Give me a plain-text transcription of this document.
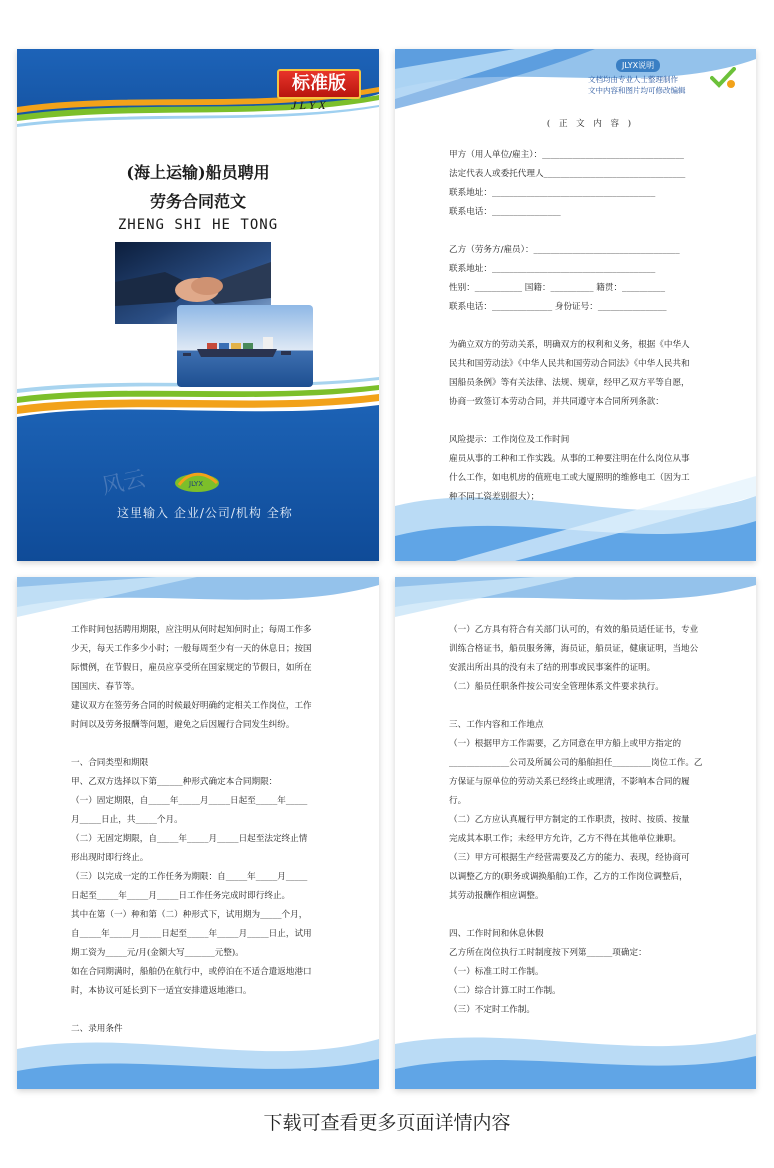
标准版
JLYX
(海上运输)船员聘用
劳务合同范文
ZHENG SHI HE TONG
风云	JLYX
这里输入 企业/公司/机构 全称
JLYX说明
文档均由专业人士整理制作
文中内容和图片均可修改编辑

( 正 文 内 容 )

甲方（用人单位/雇主）：_________________________________

法定代表人或委托代理人_________________________________

联系地址：______________________________________

联系电话：________________

乙方（劳务方/雇员）：__________________________________

联系地址：______________________________________

性别：___________ 国籍：__________ 籍贯：__________

联系电话：______________ 身份证号：________________

为确立双方的劳动关系，明确双方的权利和义务，根据《中华人

民共和国劳动法》《中华人民共和国劳动合同法》《中华人民共和

国船员条例》等有关法律、法规、规章，经甲乙双方平等自愿，

协商一致签订本劳动合同，并共同遵守本合同所列条款：

风险提示：工作岗位及工作时间

雇员从事的工种和工作实践。从事的工种要注明在什么岗位从事

什么工作，如电机房的值班电工或大厦照明的维修电工（因为工

种不同工资差别很大）；

工作时间包括聘用期限，应注明从何时起知何时止；每周工作多

少天，每天工作多少小时；一般每周至少有一天的休息日；按国

际惯例，在节假日，雇员应享受所在国家规定的节假日，如所在

国国庆、春节等。

建议双方在签劳务合同的时候最好明确约定相关工作岗位，工作

时间以及劳务报酬等问题，避免之后因履行合同发生纠纷。

一、合同类型和期限

甲、乙双方选择以下第______种形式确定本合同期限：

（一）固定期限，自_____年_____月_____日起至_____年_____

月_____日止，共_____个月。

（二）无固定期限，自_____年_____月_____日起至法定终止情

形出现时即行终止。

（三）以完成一定的工作任务为期限：自_____年_____月_____

日起至_____年_____月_____日工作任务完成时即行终止。

其中在第（一）种和第（二）种形式下，试用期为_____个月，

自_____年_____月_____日起至_____年_____月_____日止，试用

期工资为_____元/月(金额大写_______元整)。

如在合同期满时，船舶仍在航行中，或停泊在不适合遣返地港口

时，本协议可延长到下一适宜安排遣返地港口。

二、录用条件

（一）乙方具有符合有关部门认可的，有效的船员适任证书，专业

训练合格证书，船员服务簿，海员证，船员证，健康证明，当地公

安派出所出具的没有未了结的刑事或民事案件的证明。

（二）船员任职条件按公司安全管理体系文件要求执行。

三、工作内容和工作地点

（一）根据甲方工作需要，乙方同意在甲方船上或甲方指定的

______________公司及所属公司的船舶担任_________岗位工作。乙

方保证与原单位的劳动关系已经终止或理清，不影响本合同的履

行。

（二）乙方应认真履行甲方制定的工作职责，按时、按质、按量

完成其本职工作；未经甲方允许，乙方不得在其他单位兼职。

（三）甲方可根据生产经营需要及乙方的能力、表现，经协商可

以调整乙方的(职务或调换船舶)工作，乙方的工作岗位调整后，

其劳动报酬作相应调整。

四、工作时间和休息休假

乙方所在岗位执行工时制度按下列第______项确定：

（一）标准工时工作制。

（二）综合计算工时工作制。

（三）不定时工作制。

下载可查看更多页面详情内容
